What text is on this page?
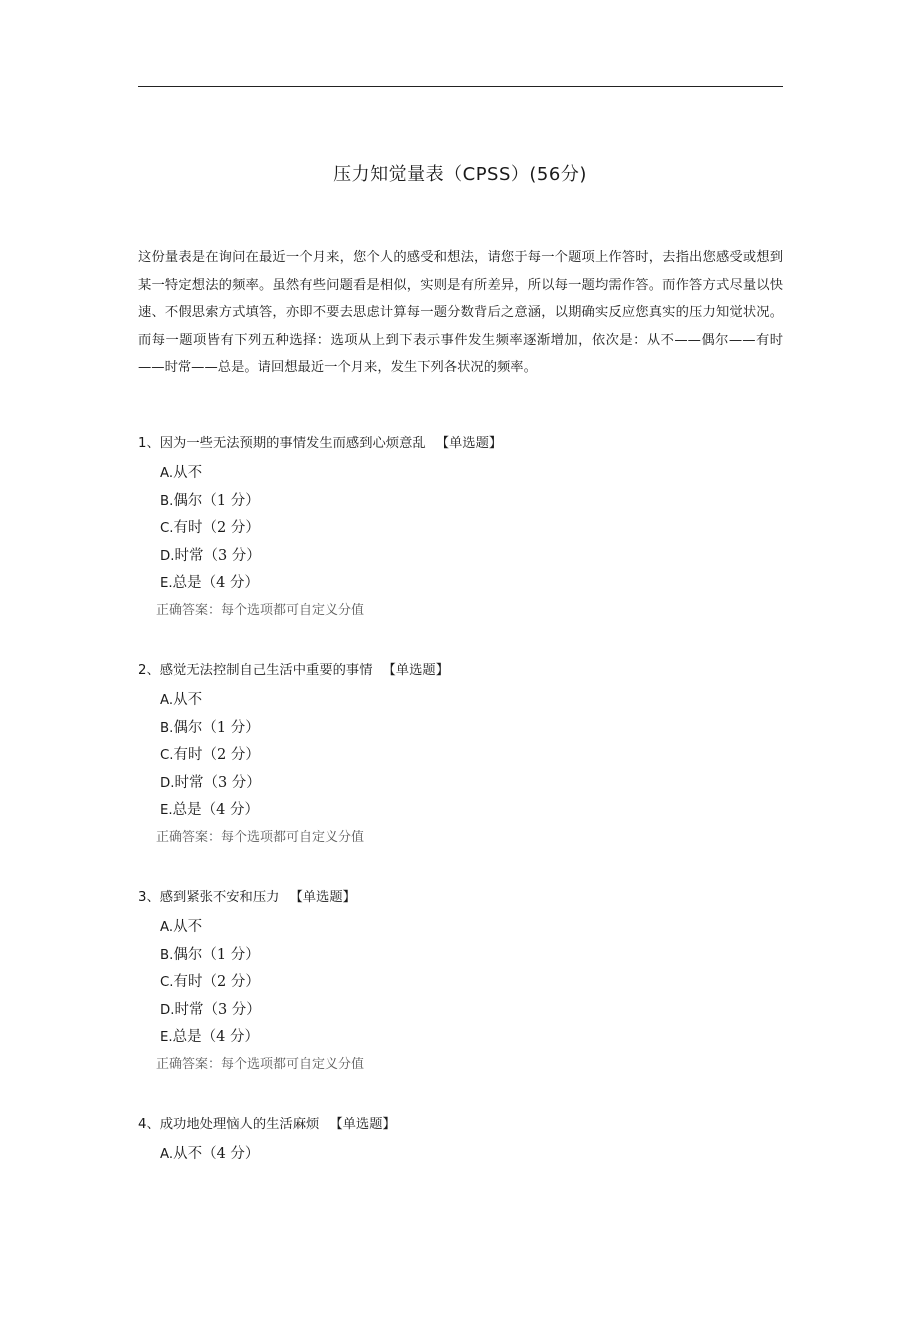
压力知觉量表（CPSS）(56分)

这份量表是在询问在最近一个月来，您个人的感受和想法，请您于每一个题项上作答时，去指出您感受或想到某一特定想法的频率。虽然有些问题看是相似，实则是有所差异，所以每一题均需作答。而作答方式尽量以快速、不假思索方式填答，亦即不要去思虑计算每一题分数背后之意涵，以期确实反应您真实的压力知觉状况。而每一题项皆有下列五种选择：选项从上到下表示事件发生频率逐渐增加，依次是：从不——偶尔——有时——时常——总是。请回想最近一个月来，发生下列各状况的频率。

1、因为一些无法预期的事情发生而感到心烦意乱 【单选题】
A.从不
B.偶尔（1 分）
C.有时（2 分）
D.时常（3 分）
E.总是（4 分）
正确答案：每个选项都可自定义分值
2、感觉无法控制自己生活中重要的事情 【单选题】
A.从不
B.偶尔（1 分）
C.有时（2 分）
D.时常（3 分）
E.总是（4 分）
正确答案：每个选项都可自定义分值
3、感到紧张不安和压力 【单选题】
A.从不
B.偶尔（1 分）
C.有时（2 分）
D.时常（3 分）
E.总是（4 分）
正确答案：每个选项都可自定义分值
4、成功地处理恼人的生活麻烦 【单选题】
A.从不（4 分）
